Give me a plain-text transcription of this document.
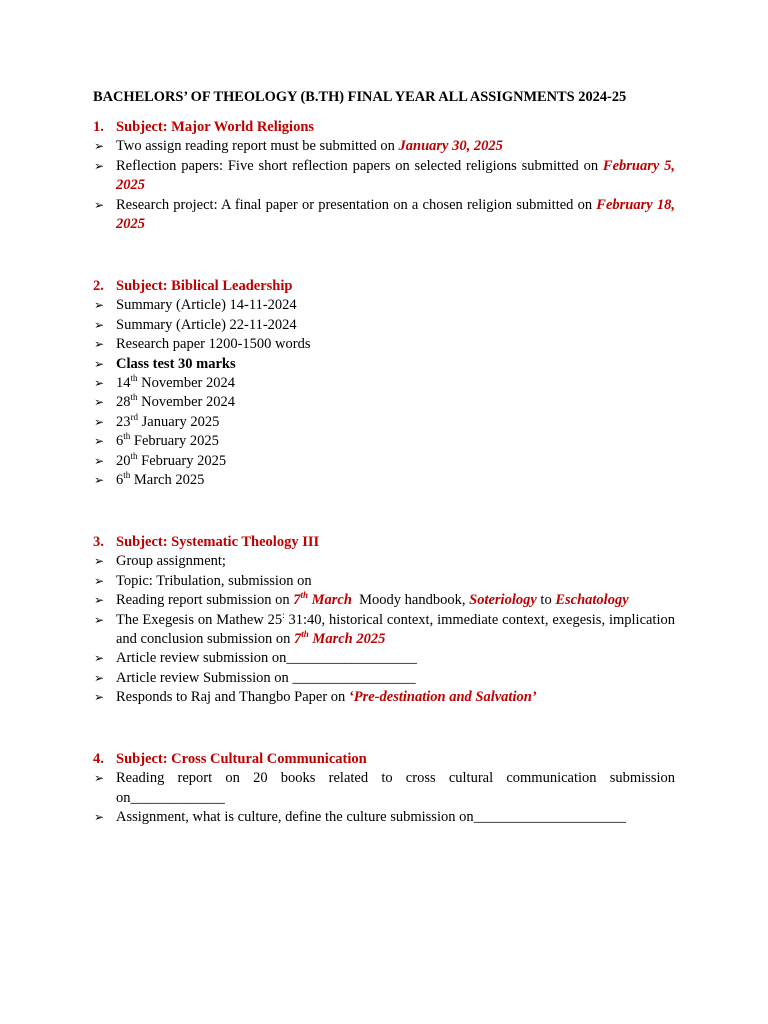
BACHELORS’ OF THEOLOGY (B.TH) FINAL YEAR ALL ASSIGNMENTS 2024-25
1. Subject: Major World Religions
➢ Two assign reading report must be submitted on January 30, 2025
➢ Reflection papers: Five short reflection papers on selected religions submitted on February 5, 2025
➢ Research project: A final paper or presentation on a chosen religion submitted on February 18, 2025
2. Subject: Biblical Leadership
➢ Summary (Article) 14-11-2024
➢ Summary (Article) 22-11-2024
➢ Research paper 1200-1500 words
➢ Class test 30 marks
➢ 14th November 2024
➢ 28th November 2024
➢ 23rd January 2025
➢ 6th February 2025
➢ 20th February 2025
➢ 6th March 2025
3. Subject: Systematic Theology III
➢ Group assignment;
➢ Topic: Tribulation, submission on
➢ Reading report submission on 7th March  Moody handbook, Soteriology to Eschatology
➢ The Exegesis on Mathew 25: 31:40, historical context, immediate context, exegesis, implication and conclusion submission on 7th March 2025
➢ Article review submission on__________________
➢ Article review Submission on _________________
➢ Responds to Raj and Thangbo Paper on ‘Pre-destination and Salvation’
4. Subject: Cross Cultural Communication
➢ Reading report on 20 books related to cross cultural communication submission on_____________
➢ Assignment, what is culture, define the culture submission on_____________________
